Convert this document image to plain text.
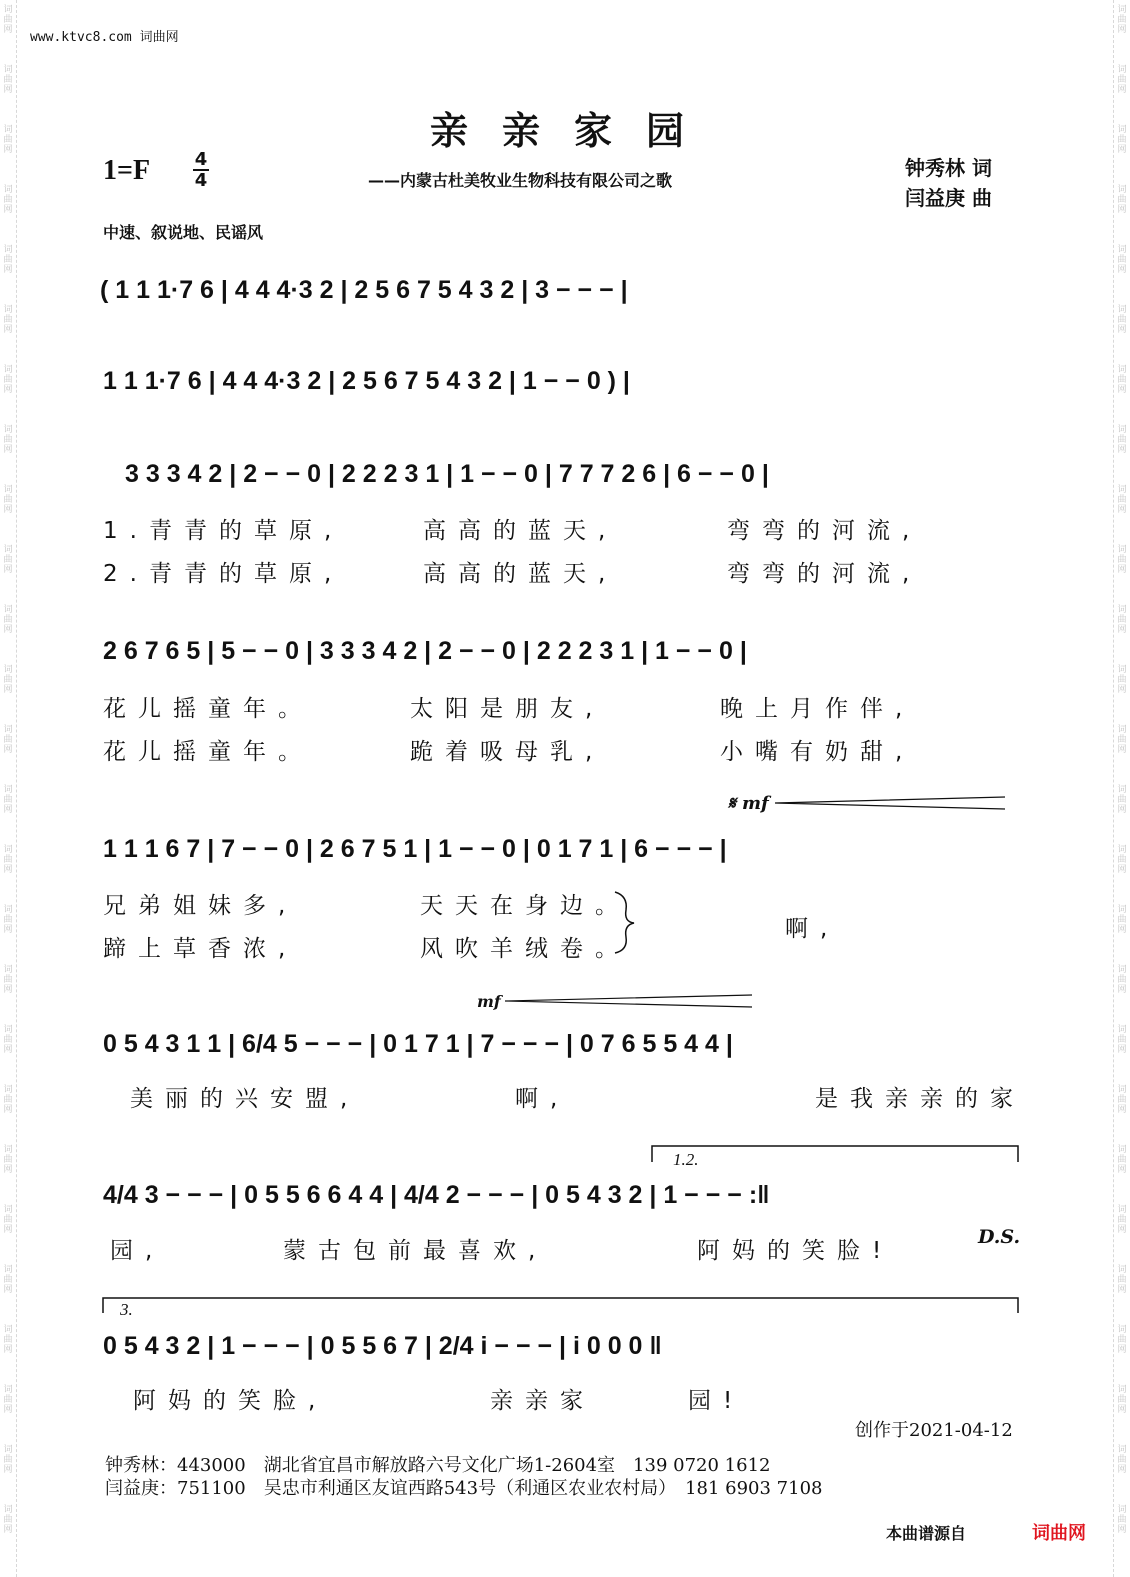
词曲网
词曲网
词曲网
词曲网
词曲网
词曲网
词曲网
词曲网
词曲网
词曲网
词曲网
词曲网
词曲网
词曲网
词曲网
词曲网
词曲网
词曲网
词曲网
词曲网
词曲网
词曲网
词曲网
词曲网
词曲网
词曲网
词曲网
词曲网
词曲网
词曲网
词曲网
词曲网
词曲网
词曲网
词曲网
词曲网
词曲网
词曲网
词曲网
词曲网
词曲网
词曲网
词曲网
词曲网
词曲网
词曲网
词曲网
词曲网
词曲网
词曲网
词曲网
词曲网
www.ktvc8.com 词曲网
亲亲家园
1=F 4
4	——内蒙古杜美牧业生物科技有限公司之歌
钟秀林 词
闫益庚 曲
中速、叙说地、民谣风
( 1 1 1·7 6 | 4 4 4·3 2 | 2 5 6 7 5 4 3 2 | 3 − − − |
1 1 1·7 6 | 4 4 4·3 2 | 2 5 6 7 5 4 3 2 | 1 − − 0 ) |
3 3 3 4 2 | 2 − − 0 | 2 2 2 3 1 | 1 − − 0 | 7 7 7 2 6 | 6 − − 0 |
1.青青的草原,	高高的蓝天,	弯弯的河流,
2.青青的草原,	高高的蓝天,	弯弯的河流,
2 6 7 6 5 | 5 − − 0 | 3 3 3 4 2 | 2 − − 0 | 2 2 2 3 1 | 1 − − 0 |
花儿摇童年。	太阳是朋友,	晚上月作伴,
花儿摇童年。	跪着吸母乳,	小嘴有奶甜,
𝄋 mf
1 1 1 6 7 | 7 − − 0 | 2 6 7 5 1 | 1 − − 0 | 0 1 7 1 | 6 − − − |
兄弟姐妹多,	天天在身边。
蹄上草香浓,	风吹羊绒卷。
啊,
mf
0 5 4 3 1 1 | 6/4 5 − − − | 0 1 7 1 | 7 − − − | 0 7 6 5 5 4 4 |
美丽的兴安盟,	啊,	是我亲亲的家
1.2.
4/4 3 − − − | 0 5 5 6 6 4 4 | 4/4 2 − − − | 0 5 4 3 2 | 1 − − − :‖
园,	蒙古包前最喜欢,	阿妈的笑脸!
D.S.
3.
0 5 4 3 2 | 1 − − − | 0 5 5 6 7 | 2/4 i − − − | i 0 0 0 ‖
阿妈的笑脸,	亲亲家	园!
创作于2021-04-12
钟秀林：443000　湖北省宜昌市解放路六号文化广场1-2604室　139 0720 1612
闫益庚：751100　吴忠市利通区友谊西路543号（利通区农业农村局）　181 6903 7108
本曲谱源自	词曲网
